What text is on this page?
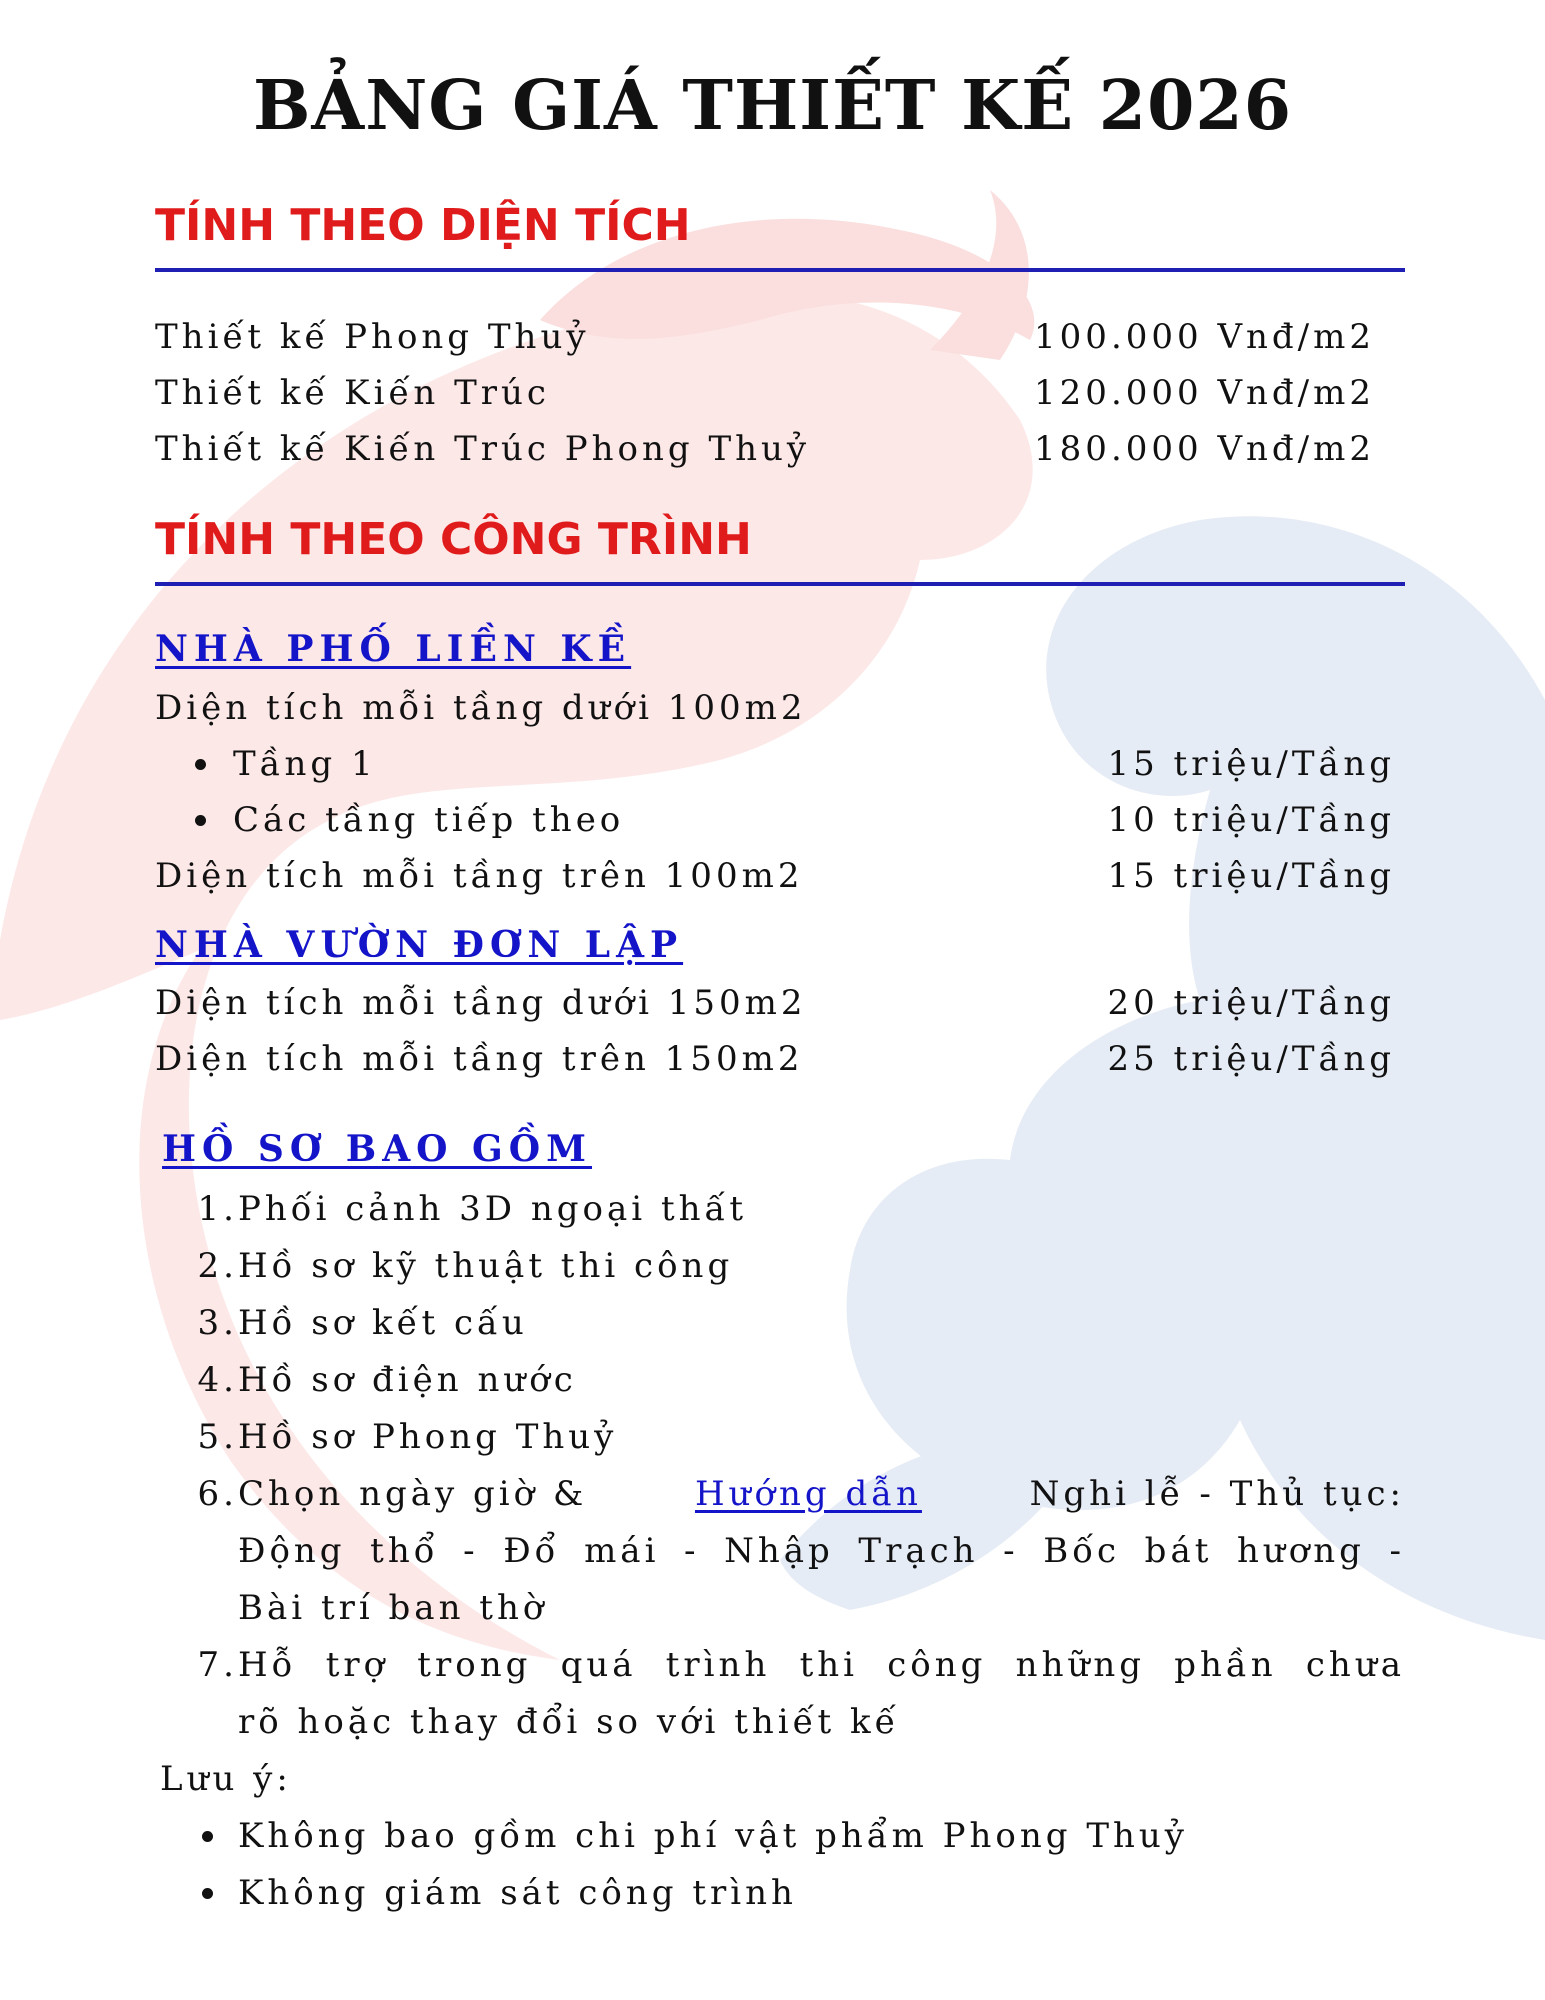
BẢNG GIÁ THIẾT KẾ 2026
TÍNH THEO DIỆN TÍCH
Thiết kế Phong Thuỷ	100.000 Vnđ/m2
Thiết kế Kiến Trúc	120.000 Vnđ/m2
Thiết kế Kiến Trúc Phong Thuỷ	180.000 Vnđ/m2
TÍNH THEO CÔNG TRÌNH
NHÀ PHỐ LIỀN KỀ
Diện tích mỗi tầng dưới 100m2
Tầng 1	15 triệu/Tầng
Các tầng tiếp theo	10 triệu/Tầng
Diện tích mỗi tầng trên 100m2	15 triệu/Tầng
NHÀ VƯỜN ĐƠN LẬP
Diện tích mỗi tầng dưới 150m2	20 triệu/Tầng
Diện tích mỗi tầng trên 150m2	25 triệu/Tầng
HỒ SƠ BAO GỒM
1. Phối cảnh 3D ngoại thất
2. Hồ sơ kỹ thuật thi công
3. Hồ sơ kết cấu
4. Hồ sơ điện nước
5. Hồ sơ Phong Thuỷ
6. Chọn ngày giờ &	Hướng dẫn	Nghi lễ - Thủ tục:
Động thổ - Đổ mái - Nhập Trạch - Bốc bát hương -
Bài trí ban thờ
7. Hỗ trợ trong quá trình thi công những phần chưa
rõ hoặc thay đổi so với thiết kế
Lưu ý:
Không bao gồm chi phí vật phẩm Phong Thuỷ
Không giám sát công trình
